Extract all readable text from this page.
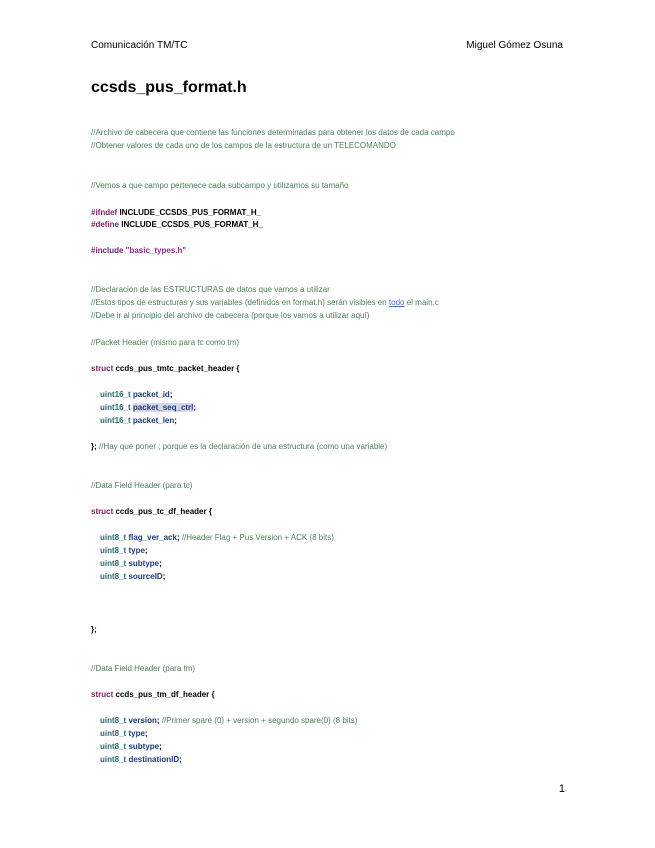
Comunicación TM/TC	Miguel Gómez Osuna
ccsds_pus_format.h
//Archivo de cabecera que contiene las funciones determinadas para obtener los datos de cada campo
//Obtener valores de cada uno de los campos de la estructura de un TELECOMANDO
//Vemos a que campo pertenece cada subcampo y utilizamos su tamaño
#ifndef INCLUDE_CCSDS_PUS_FORMAT_H_
#define INCLUDE_CCSDS_PUS_FORMAT_H_
#include "basic_types.h"
//Declaración de las ESTRUCTURAS de datos que vamos a utilizar
//Estos tipos de estructuras y sus variables (definidos en format.h) serán visibles en todo el main.c
//Debe ir al principio del archivo de cabecera (porque los vamos a utilizar aquí)
//Packet Header (mismo para tc como tm)
struct ccds_pus_tmtc_packet_header {
uint16_t packet_id;
uint16_t packet_seq_ctrl;
uint16_t packet_len;
}; //Hay que poner ; porque es la declaración de una estructura (como una variable)
//Data Field Header (para tc)
struct ccds_pus_tc_df_header {
uint8_t flag_ver_ack; //Header Flag + Pus Version + ACK (8 bits)
uint8_t type;
uint8_t subtype;
uint8_t sourceID;
};
//Data Field Header (para tm)
struct ccds_pus_tm_df_header {
uint8_t version; //Primer spare (0) + version + segundo spare(0) (8 bits)
uint8_t type;
uint8_t subtype;
uint8_t destinationID;
1
